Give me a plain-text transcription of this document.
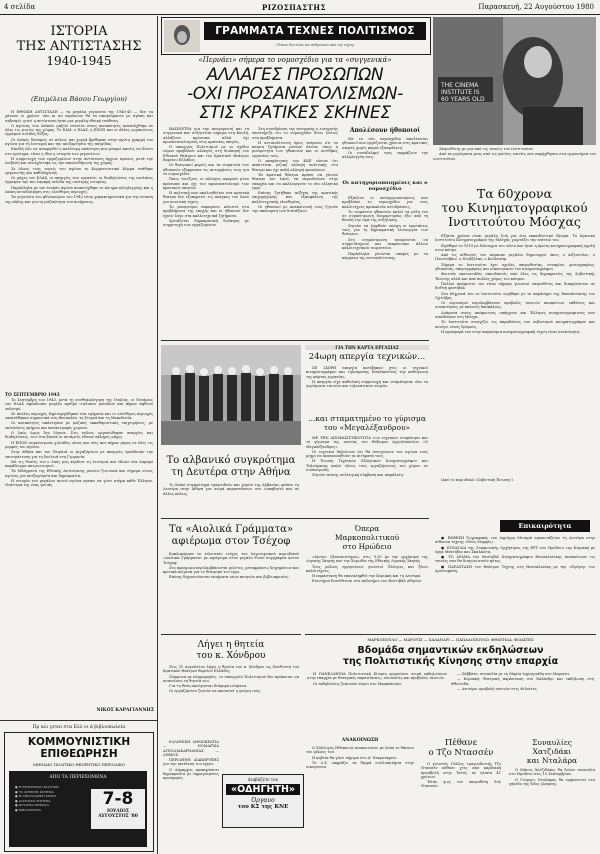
4 σελίδα	ΡΙΖΟΣΠΑΣΤΗΣ	Παρασκευή, 22 Αυγούστου 1980
ΙΣΤΟΡΙΑ
ΤΗΣ ΑΝΤΙΣΤΑΣΗΣ
1940-1945
(Επιμέλεια Βάσου Γεωργίου)

Η ΕΘΝΙΚΗ ΑΝΤΙΣΤΑΣΗ — τα μεγάλα γεγονότα της 1940-45 — δεν τα χάνουν οι χρόνοι· όσο κι αν περάσουν θα τα σκεφτόμαστε με αγάπη και σεβασμό, γιατί η αντίσταση ήταν μια μεγάλη εθνική υπόθεση.

Ο αγώνας των λαϊκών μαζών ενάντια στους κατακτητές αναπτύχθηκε σε όλες τις γωνιές της χώρας. Το ΕΑΜ, ο ΕΛΑΣ, η ΕΠΟΝ και οι άλλες οργανώσεις έγραψαν σελίδες δόξας.

Οι λαϊκές δυνάμεις σε πόλεις και χωριά βρέθηκαν στην πρώτη γραμμή του αγώνα για τη λευτεριά και την ανεξαρτησία της πατρίδας.

Επειδή όλο να αναφερθεί η καλύτερη απάντηση που μπορεί κανείς να δώσει στο ερώτημα, είναι η ίδια η ιστορία των γεγονότων.

Η συμμετοχή των εργαζομένων στην αντίσταση άρχισε αμέσως μετά την εισβολή και συνεχίστηκε ως την απελευθέρωση της χώρας.

Σε όλους τους τομείς του αγώνα το Κομμουνιστικό Κόμμα στάθηκε οργανωτής και καθοδηγητής.

Οι μάχες του ΕΛΑΣ, οι απεργίες των εργατών, οι διαδηλώσεις της νεολαίας έγραψαν την πιο λαμπρή σελίδα της νεότερης ιστορίας.

Παράλληλα με τον ένοπλο αγώνα αναπτύχθηκε το κίνημα αλληλεγγύης και η λαϊκή αυτοδιοίκηση στις ελεύθερες περιοχές.

Τα γεγονότα του φθινοπώρου του 1943 είναι χαρακτηριστικά για την ένταση της πάλης και για τη μαζικότητα του κινήματος.

ΤΟ ΣΕΠΤΕΜΒΡΙΟ 1943

Το Σεπτέμβρη του 1943, μετά τη συνθηκολόγηση της Ιταλίας, οι δυνάμεις του ΕΛΑΣ αφόπλισαν μεγάλο αριθμό ιταλικών μονάδων και πήραν άφθονο οπλισμό.

Σε πολλές περιοχές δημιουργήθηκαν νέα τμήματα και οι ελεύθερες περιοχές επεκτάθηκαν σημαντικά στη Θεσσαλία, τη Στερεά και τη Μακεδονία.

Οι κατακτητές απάντησαν με μαζικές εκκαθαριστικές επιχειρήσεις, με εκτελέσεις ομήρων και καταστροφές χωριών.

Ο λαός όμως δεν λύγισε. Στις πόλεις οργανώθηκαν απεργίες και διαδηλώσεις, ενώ στα βουνά οι αντάρτες έδιναν σκληρές μάχες.

Η ΕΠΟΝ συγκέντρωσε χιλιάδες νέους και νέες που πήραν μέρος σε όλες τις μορφές του αγώνα.

Στην Αθήνα και τον Πειραιά οι εργαζόμενοι με απεργίες εμπόδισαν την επιστράτευση για τη δουλειά στη Γερμανία.

Με τις θυσίες του ο λαός μας κέρδισε τη λευτεριά και έδωσε ένα λαμπρό παράδειγμα πατριωτισμού.

Τα διδάγματα της Εθνικής Αντίστασης μένουν ζωντανά και σήμερα στους αγώνες για ανεξαρτησία και δημοκρατία.

Η ιστορία του μεγάλου αυτού αγώνα πρέπει να γίνει κτήμα κάθε Έλληνα, ιδιαίτερα της νέας γενιάς.

ΝΙΚΟΣ ΚΑΡΑΓΙΑΝΝΗΣ
Πρ αλι γεται στα Ελλ νι ά βιβλιοπωλεία
ΚΟΜΜΟΥΝΙΣΤΙΚΗ
ΕΠΙΘΕΩΡΗΣΗ
ΜΗΝΙΑΙΟ ΠΟΛΙΤΙΚΟ ΘΕΩΡΗΤΙΚΟ ΠΕΡΙΟΔΙΚΟ
ΑΠΟ ΤΑ ΠΕΡΙΕΧΟΜΕΝΑ
● Η ΕΞΩΤΕΡΙΚΗ ΠΟΛΙΤΙΚΗ
● ΤΟ ΔΙΕΘΝΕΣ ΚΙΝΗΜΑ
● Η ΟΙΚΟΝΟΜΙΚΗ ΚΡΙΣΗ
● ΑΓΡΟΤΙΚΟ ΖΗΤΗΜΑ
● ΙΣΤΟΡΙΚΑ ΘΕΜΑΤΑ
● ΒΙΒΛΙΟΚΡΙΣΙΑ
7-8
ΙΟΥΛΙΟΣ
ΑΥΓΟΥΣΤΟΣ '80
ΓΡΑΜΜΑΤΑ ΤΕΧΝΕΣ ΠΟΛΙΤΙΣΜΟΣ
«Τίποτε δεν είναι πιο ανθρώπινο από την τέχνη»
«Περνάει» σήμερα το νομοσχέδιο για τα «συγγενικά»
ΑΛΛΑΓΕΣ ΠΡΟΣΩΠΩΝ
-ΟΧΙ ΠΡΟΣΑΝΑΤΟΛΙΣΜΩΝ-
ΣΤΙΣ ΚΡΑΤΙΚΕΣ ΣΚΗΝΕΣ

ΒΑΣΙΝΕΤΡΑ για την αναγορευτή και τα συγγενικά που συζητείται σήμερα στη Βουλή, αλλάζουν πρόσωπα αλλά όχι προσανατολισμούς στις κρατικές σκηνές.

Ο υπουργός Πολιτισμού με το σχέδιο νόμου προβλέπει αλλαγές στη διοίκηση του Εθνικού Θεάτρου και του Κρατικού Θεάτρου Βορείου Ελλάδος.

Οι θεατρικοί φορείς και τα σωματεία των ηθοποιών εξέφρασαν τις αντιρρήσεις τους για το νομοσχέδιο.

Όπως τονίζουν, οι αλλαγές αφορούν μόνο πρόσωπα και όχι τον προσανατολισμό των κρατικών σκηνών.

Η πολιτική που ακολουθείται στα κρατικά θέατρα δεν εξυπηρετεί τις ανάγκες του λαού για ποιοτική τέχνη.

Το ρεπερτόριο παραμένει κλειστό στα προβλήματα της εποχής και οι ηθοποιοί δεν έχουν λόγο στα καλλιτεχνικά ζητήματα.

Χρειάζεται δημοκρατική διοίκηση με συμμετοχή των εργαζομένων.

Στη συνεδρίαση της επιτροπής ο εισηγητής υποστήριξε ότι το νομοσχέδιο δίνει λύσεις στα προβλήματα.

Η αντιπολίτευση όμως επέμεινε ότι τα καίρια ζητήματα μένουν άλυτα, όπως η μονιμότητα των ηθοποιών και οι συνθήκες εργασίας τους.

Ο εκπρόσωπος του ΚΚΕ τόνισε ότι απαιτείται ριζική αλλαγή πολιτικής στο θέατρο και όχι απλή αλλαγή προσώπων.

Τα κρατικά θέατρα πρέπει να γίνουν θέατρα του λαού, να περιοδεύουν στην επαρχία και να καλλιεργούν το νέο ελληνικό έργο.

Επίσης ζητήθηκε αύξηση της κρατικής επιχορήγησης και εξασφάλιση της καλλιτεχνικής ελευθερίας.

Οι ηθοποιοί με ανακοίνωσή τους ζητούν την απόσυρση των διατάξεων.

Απολέσουν ήθοποιοί

Με το νέο νομοσχέδιο απολύονται ηθοποιοί που εργάζονται χρόνια στις κρατικές σκηνές χωρίς καμιά εξασφάλιση.

Οι συνάδελφοί τους εκφράζουν την αλληλεγγύη τους.

Οι κατηγοριοποιημένες και ο νομοσχέδιο

Εξάλλου οι κατηγοριοποιήσεις που προβλέπει το νομοσχέδιο για τους καλλιτέχνες προκαλούν αντιδράσεις.

Το σωματείο ηθοποιών καλεί τα μέλη του σε συγκέντρωση διαμαρτυρίας έξω από τη Βουλή την ώρα της συζήτησης.

Ζητούν να ληφθούν υπόψη οι προτάσεις τους για τη δημοκρατική λειτουργία των θεάτρων.

Στη συγκέντρωση αναμένεται να συμμετάσχουν και εκπρόσωποι άλλων καλλιτεχνικών σωματείων.

Παράλληλα γίνονται επαφές με τα κόμματα της αντιπολίτευσης.

THE CINEMA
INSTITUTE IS
60 YEARS OLD

Σκηνοθέτης με μια από τις ταινίες του Ινστιτούτου

Από τα γυρίσματα μιας από τις πρώτες ταινίες που παρήχθησαν στα εργαστήρια του ινστιτούτου.

Τα 60χρονα
του Κινηματογραφικού
Ινστιτούτου Μόσχας

Εξήντα χρόνια είναι μεγάλη ζωή για ένα εκπαιδευτικό ίδρυμα. Το Κρατικό Ινστιτούτο Κινηματογράφου της Μόσχας γιορτάζει την επέτειό του.

Ιδρύθηκε το 1919 με διάταγμα του Λένιν και ήταν η πρώτη κινηματογραφική σχολή στον κόσμο.

Από τις αίθουσές του πέρασαν μεγάλοι δημιουργοί όπως ο Αϊζενστάιν, ο Πουντόβκιν, ο Ντοβζένκο, ο Κουλεσόφ.

Σήμερα το Ινστιτούτο έχει σχολές σκηνοθεσίας, σεναρίου, φωτογραφίας, ηθοποιίας, σκηνογραφίας και οικονομικών του κινηματογράφου.

Φοιτούν εκατοντάδες σπουδαστές από όλες τις δημοκρατίες της Σοβιετικής Ένωσης αλλά και από πολλές χώρες του κόσμου.

Πολλοί απόφοιτοί του είναι σήμερα γνωστοί σκηνοθέτες και διακρίνονται σε διεθνή φεστιβάλ.

Στα 60χρονά του το Ινστιτούτο τιμήθηκε με το παράσημο της Επανάστασης του Οχτώβρη.

Οι εορτασμοί περιλαμβάνουν προβολές ταινιών αποφοίτων, εκθέσεις και συναντήσεις με παλιούς δασκάλους.

Ανάμεσα στους απόφοιτους υπάρχουν και Έλληνες κινηματογραφιστές που σπούδασαν στη Μόσχα.

Το Ινστιτούτο συνεχίζει τις παραδόσεις του σοβιετικού κινηματογράφου και ανοίγει νέους δρόμους.

Η προσφορά του στην παγκόσμια κινηματογραφική τέχνη είναι ανεκτίμητη.

Το αλβανικό συγκρότημα
τη Δευτέρα στην Αθήνα

Το λαϊκό συγκρότημα τραγουδιών και χορών της Αλβανίας φτάνει τη Δευτέρα στην Αθήνα για σειρά παραστάσεων στο Λυκαβηττό και σε άλλες πόλεις.

ΓΙΑ ΤΗΝ ΚΑΡΤΑ ΕΡΓΑΣΙΑΣ
24ωρη απεργία τεχνικών...

ΣΕ 24ΩΡΗ απεργία κατέβηκαν χτες οι τεχνικοί κινηματογράφου και τηλεόρασης διεκδικώντας την καθιέρωση της κάρτας εργασίας.

Η απεργία είχε καθολική συμμετοχή και σταμάτησαν όλα τα γυρίσματα ταινιών και τηλεοπτικών σειρών.

...και σταματημένο το γύρισμα του «Μεγαλέξανδρου»

ΜΕ ΤΗΝ ΑΠΟΦΑΣΙΣΤΙΚΟΤΗΤΑ των τεχνικών σταμάτησε και το γύρισμα της ταινίας του Θόδωρου Αγγελόπουλου «Ο Μεγαλέξανδρος».

Οι τεχνικοί δηλώνουν ότι θα συνεχίσουν τον αγώνα τους μέχρι να ικανοποιηθούν τα αιτήματά τους.

Η Ένωση Τεχνικών Ελληνικού Κινηματογράφου και Τηλεόρασης καλεί όλους τους εργαζόμενους του χώρου σε συσπείρωση.

Ζητούν επίσης συλλογική σύμβαση και ασφάλιση.

(Από το περιοδικό «Σοβιετική Ένωση»)

Επικαιρότητα

● ΕΚΘΕΣΗ ζωγραφικής του Δημήτρη Μυταρά εγκαινιάζεται τη Δευτέρα στην αίθουσα τέχνης «Νέες Μορφές».

● ΣΥΝΑΥΛΙΑ της Συμφωνικής Ορχήστρας της ΕΡΤ στο Ηρώδειο την Κυριακή με έργα Μπετόβεν και Σκαλκώτα.

● ΤΟ ΔΡΑΜΑ του Φεστιβάλ Κινηματογράφου Θεσσαλονίκης ανακοίνωσε τις ταινίες που θα διαγωνιστούν φέτος.

● ΠΑΡΑΣΤΑΣΗ του Θεάτρου Τέχνης στη Θεσσαλονίκη με την «Ειρήνη» του Αριστοφάνη.

Τα «Αιολικά Γράμματα»
αφιέρωμα στον Τσέχοφ

Κυκλοφόρησε το τελευταίο τεύχος του λογοτεχνικού περιοδικού «Αιολικά Γράμματα» με αφιέρωμα στον μεγάλο Ρώσο συγγραφέα Αντόν Τσέχοφ.

Στο αφιέρωμα περιλαμβάνονται μελέτες, μεταφράσεις διηγημάτων και κριτικά κείμενα για το θεατρικό του έργο.

Επίσης δημοσιεύονται ποιήματα νέων ποιητών και βιβλιοκρισίες.

Όπερα
Μαρκοπολιτικού
στο Ηρώδειο

«Αΐντα» (Πανεπιστήμιο), στις 9.30 με την ορχήστρα της Λυρικής Σκηνής και την Χορωδία της Εθνικής Λυρικής Σκηνής.

Τους ρόλους ερμηνεύουν γνωστοί Έλληνες και ξένοι καλλιτέχνες.

Η παράσταση θα επαναληφθεί την Κυριακή και τη Δευτέρα.

Εισιτήρια διατίθενται στο εκδοτήριο του Φεστιβάλ Αθηνών.

Λήγει η θητεία
του κ. Χόνδρου

Στις 31 Αυγούστου λήγει η θητεία του κ. Χόνδρου ως διευθυντή του Κρατικού Θεάτρου Βορείου Ελλάδος.

Σύμφωνα με πληροφορίες, το υπουργείο Πολιτισμού δεν πρόκειται να ανανεώσει τη θητεία του.

Για τη θέση ακούγονται διάφορα ονόματα.

Οι εργαζόμενοι ζητούν να ακουστεί η γνώμη τους.

ΜΑΡΚΟΠΟΥΛΟ — ΜΑΡΟΥΣΙ — ΧΑΛΑΝΔΡΙ — ΠΑΠΑΔΟΠΟΥΛΟ, ΦΘΙΩΤΙΔΑ, ΦΙΛΙΑΤΕΣ
Βδομάδα σημαντικών εκδηλώσεων
της Πολιτιστικής Κίνησης στην επαρχία

Η ΠΑΝΕΛΛΗΝΙΑ Πολιτιστική Κίνηση οργανώνει σειρά εκδηλώσεων στην επαρχία με θεατρικές παραστάσεις, συναυλίες και προβολές ταινιών.

Οι εκδηλώσεις ξεκινούν αύριο στο Μαρκόπουλο.

— Σάββατο: συναυλία με τη Μαρία Δημητριάδη στο Μαρούσι.

— Κυριακή: θεατρική παράσταση στο Χαλάνδρι και εκδήλωση στη Φθιώτιδα.

— Δευτέρα: προβολή ταινιών στις Φιλιάτες.

Διαβάζετε τον
«ΟΔΗΓΗΤΗ»
Όργανο
του ΚΣ της ΚΝΕ

ΕΛΛΗΝΙΚΗ ΔΗΜΟΚΡΑΤΙΑ — ΝΟΜΑΡΧΙΑ ΑΙΤΩΛΟΑΚΑΡΝΑΝΙΑΣ — ΔΗΜΟΣ.

ΠΕΡΙΛΗΨΗ ΔΙΑΚΗΡΥΞΗΣ για την εκτέλεση του έργου.

Ο Δήμαρχος προκηρύσσει δημοπρασία με σφραγισμένες προσφορές.

ΑΝΑΚΟΙΝΩΣΗ

Ο Σύλλογος Ηθοποιών ανακοινώνει με λύπη το θάνατο του μέλους του.

Η κηδεία θα γίνει σήμερα στο Α' Νεκροταφείο.

Το Δ.Σ. εκφράζει τα θερμά συλλυπητήρια στην οικογένεια.

Πέθανε
ο Τζο Ντασσέν

Ο γνωστός Γάλλος τραγουδιστής Τζο Ντασσέν πέθανε χτες από καρδιακή προσβολή στην Ταϊτή, σε ηλικία 41 χρόνων.

Ήταν γιος του σκηνοθέτη Ζυλ Ντασσέν.

Συναυλίες
Χατζιδάκι
και Νταλάρα

Ο Μάνος Χατζιδάκις θα δώσει συναυλία στο Ηρώδειο στις 10 Σεπτεμβρίου.

Ο Γιώργος Νταλάρας θα εμφανιστεί στο γήπεδο της Νέας Σμύρνης.
